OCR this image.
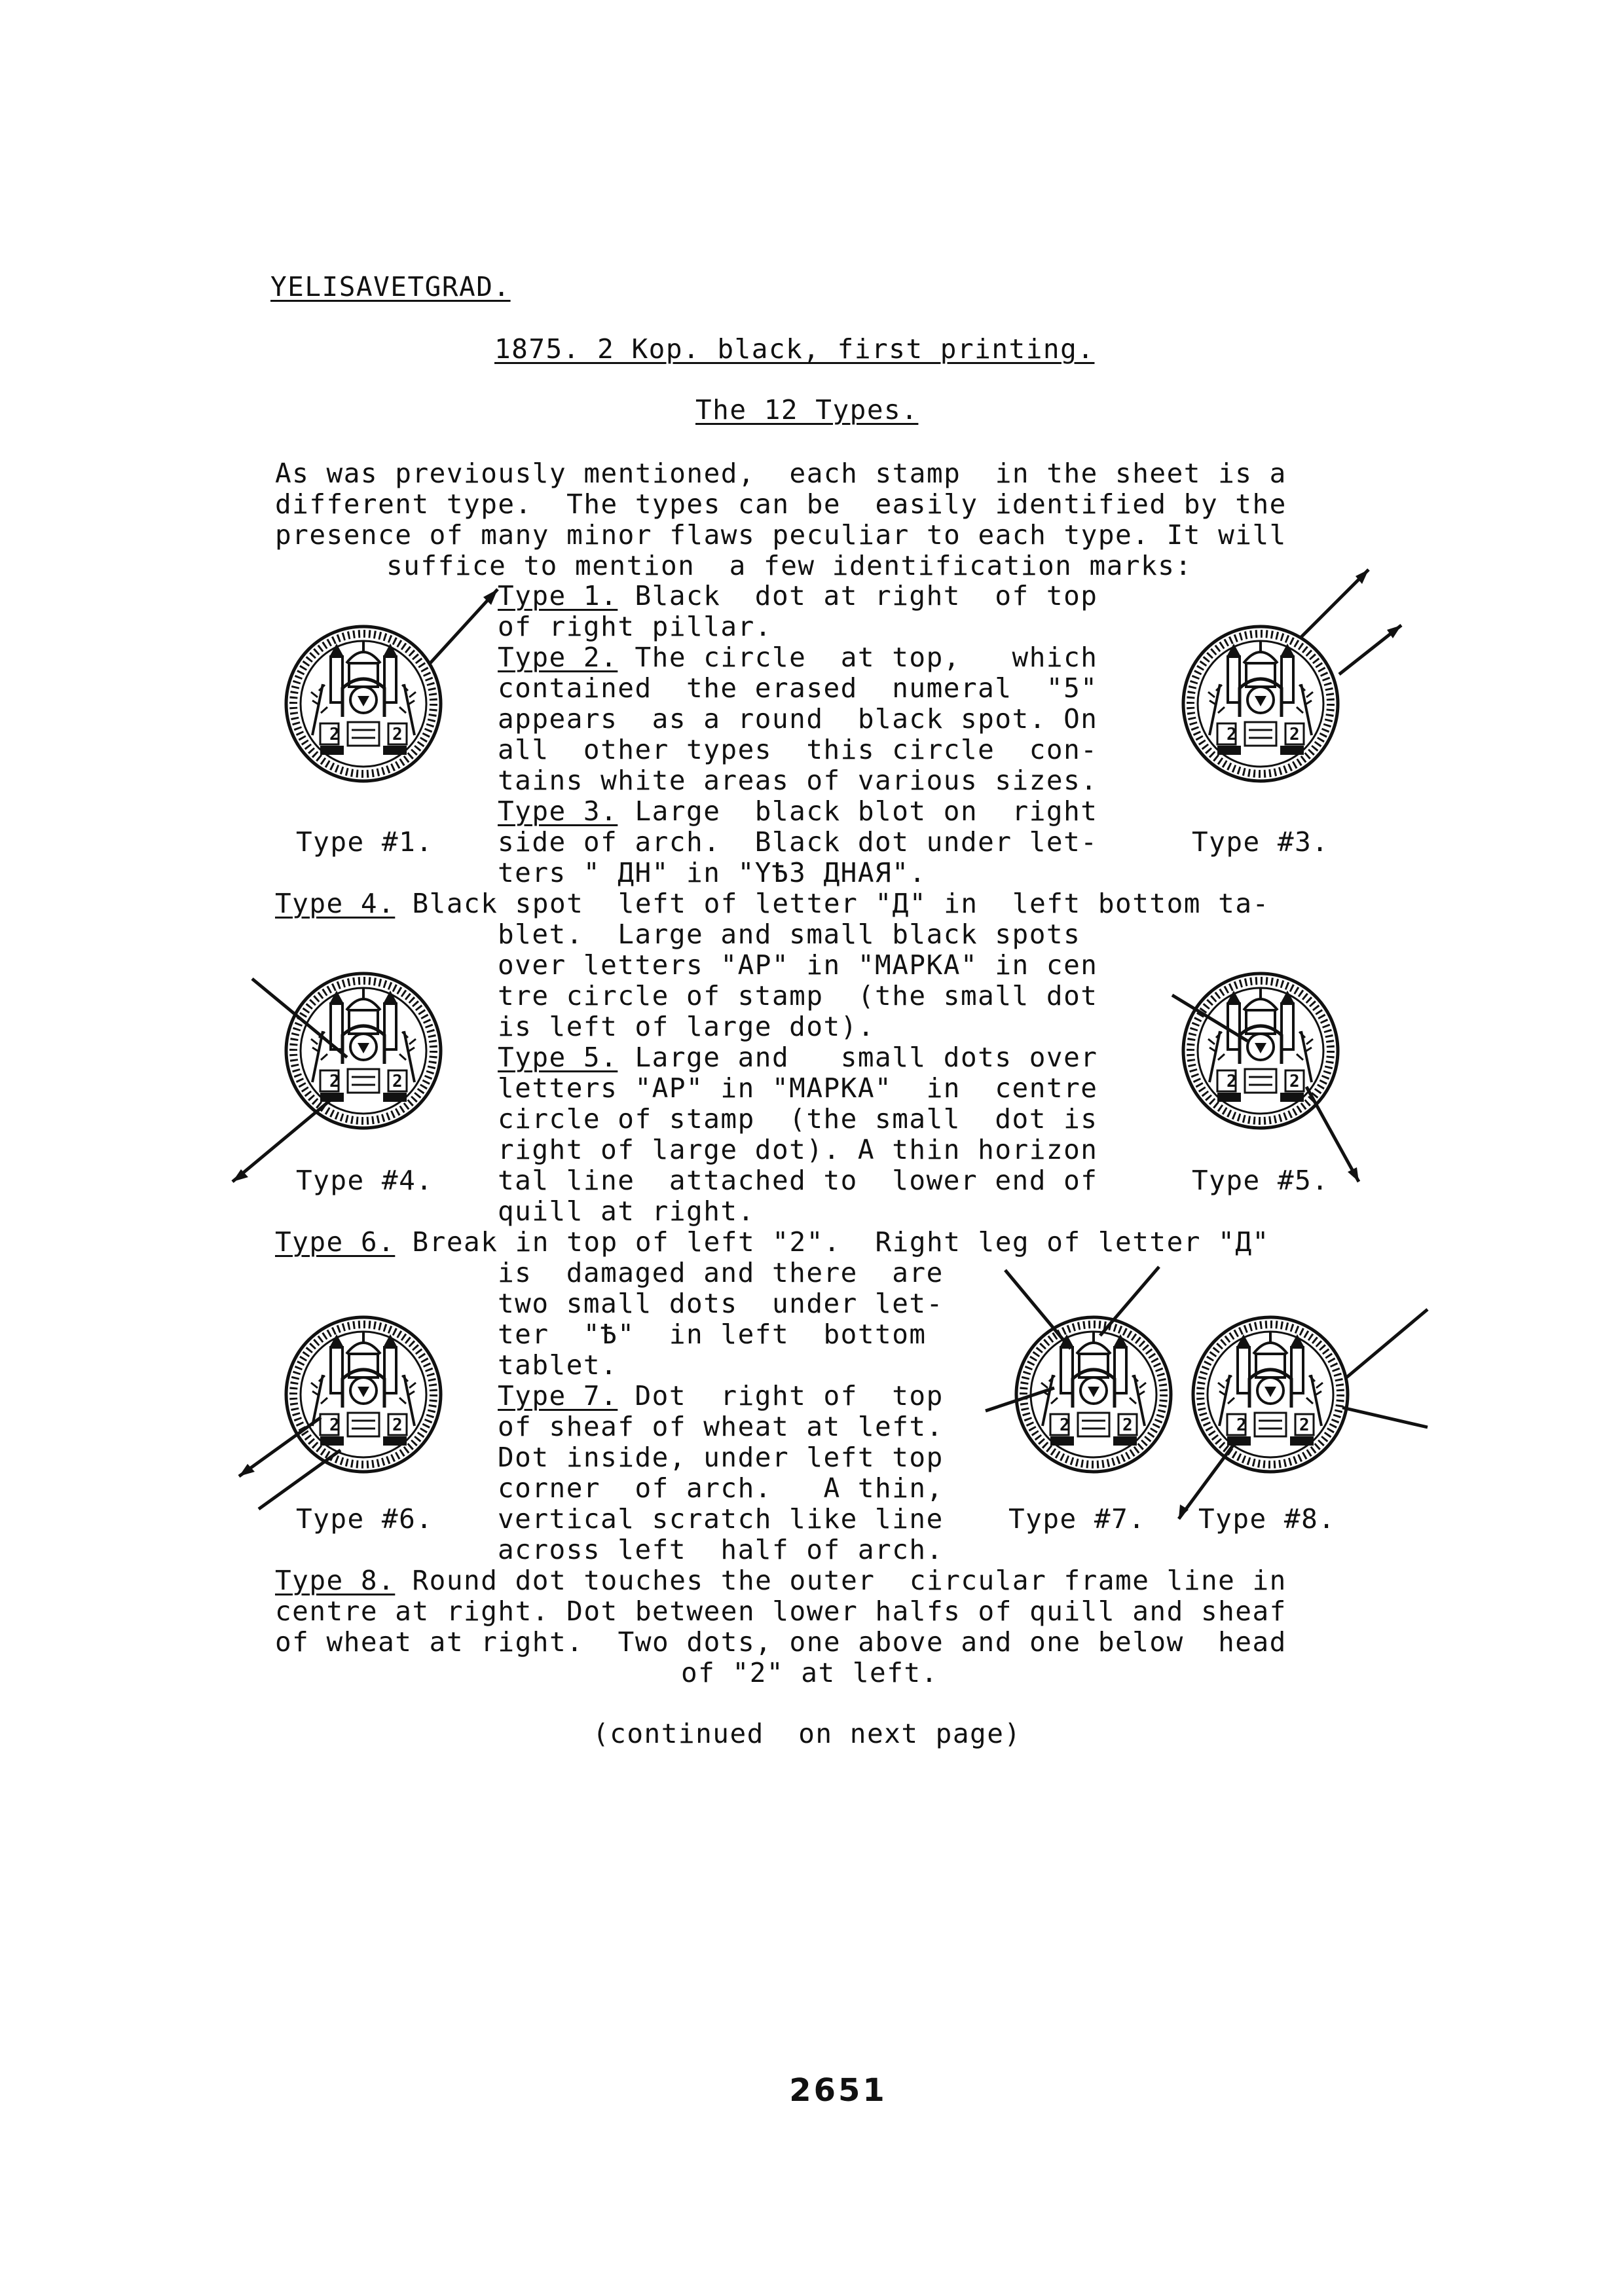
YELISAVETGRAD.
1875. 2 Kop. black, first printing.
The 12 Types.
As was previously mentioned,  each stamp  in the sheet is a
different type.  The types can be  easily identified by the
presence of many minor flaws peculiar to each type. It will
suffice to mention  a few identification marks:
Type 1. Black  dot at right  of top
of right pillar.
Type 2. The circle  at top,   which
contained  the erased  numeral  "5"
appears  as a round  black spot. On
all  other types  this circle  con-
tains white areas of various sizes.
Type 3. Large  black blot on  right
side of arch.  Black dot under let-
ters " ДН" in "YѢЗ ДНАЯ".
Type #1.	Type #3.
Type 4. Black spot  left of letter "Д" in  left bottom ta-
blet.  Large and small black spots
over letters "AP" in "MAPKA" in cen
tre circle of stamp  (the small dot
is left of large dot).
Type 5. Large and   small dots over
letters "AP" in "MAPKA"  in  centre
circle of stamp  (the small  dot is
right of large dot). A thin horizon
tal line  attached to  lower end of
quill at right.
Type #4.	Type #5.
Type 6. Break in top of left "2".  Right leg of letter "Д"
is  damaged and there  are
two small dots  under let-
ter  "Ѣ"  in left  bottom
tablet.
Type 7. Dot  right of  top
of sheaf of wheat at left.
Dot inside, under left top
corner  of arch.   A thin,
vertical scratch like line
across left  half of arch.
Type #6.	Type #7. Type #8.
Type 8. Round dot touches the outer  circular frame line in
centre at right. Dot between lower halfs of quill and sheaf
of wheat at right.  Two dots, one above and one below  head
of "2" at left.
(continued  on next page)
2651
2	2	2	2
2	2	2	2
2	2	2	2	2	2
